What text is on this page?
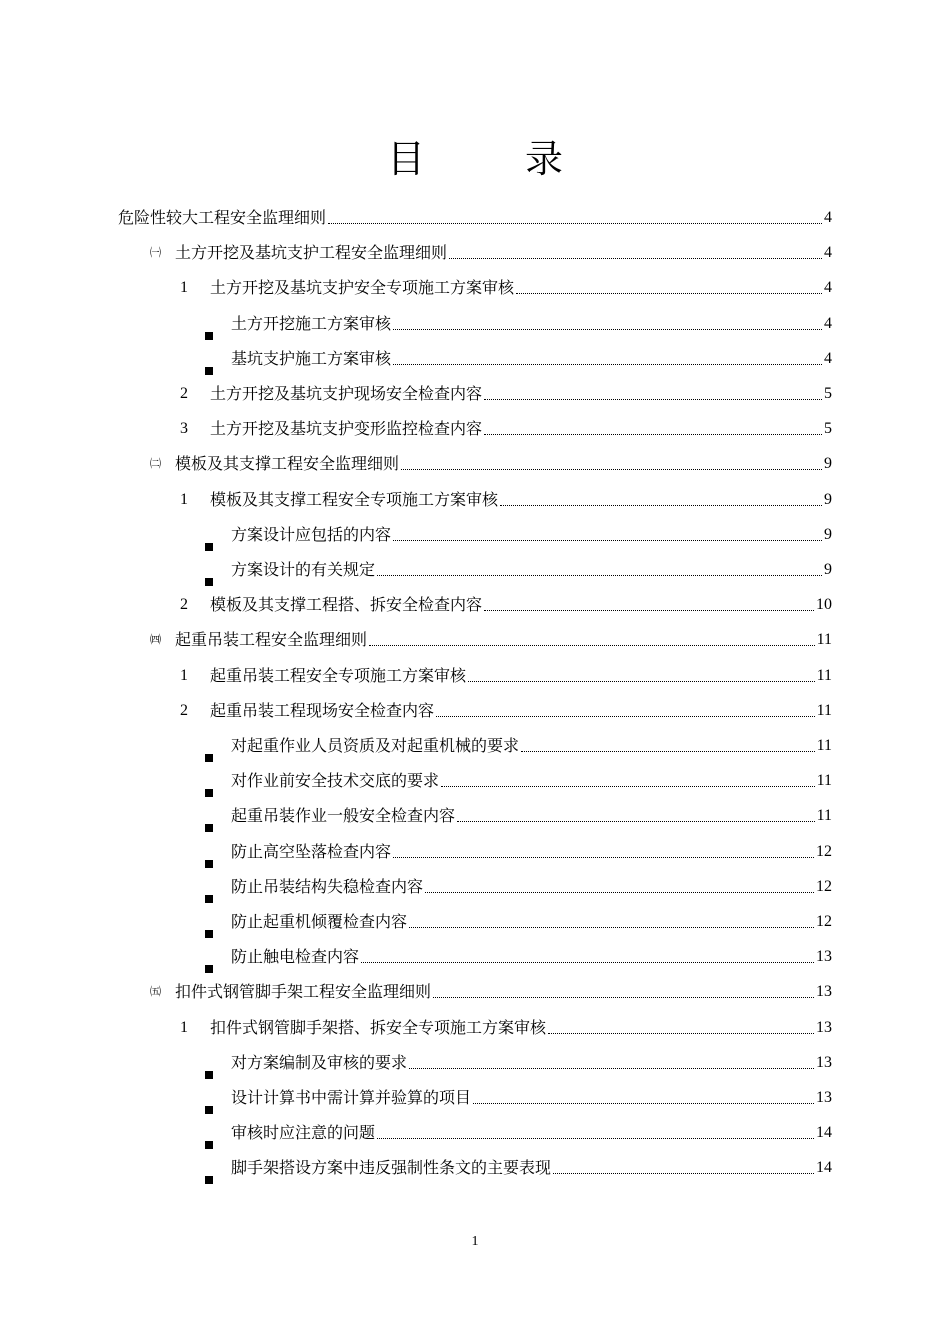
目	录
危险性较大工程安全监理细则	4
㈠ 土方开挖及基坑支护工程安全监理细则	4
1	土方开挖及基坑支护安全专项施工方案审核	4
土方开挖施工方案审核	4
基坑支护施工方案审核	4
2	土方开挖及基坑支护现场安全检查内容	5
3	土方开挖及基坑支护变形监控检查内容	5
㈡ 模板及其支撑工程安全监理细则	9
1	模板及其支撑工程安全专项施工方案审核	9
方案设计应包括的内容	9
方案设计的有关规定	9
2	模板及其支撑工程搭、拆安全检查内容	10
㈣ 起重吊装工程安全监理细则	11
1	起重吊装工程安全专项施工方案审核	11
2	起重吊装工程现场安全检查内容	11
对起重作业人员资质及对起重机械的要求	11
对作业前安全技术交底的要求	11
起重吊装作业一般安全检查内容	11
防止高空坠落检查内容	12
防止吊装结构失稳检查内容	12
防止起重机倾覆检查内容	12
防止触电检查内容	13
㈤ 扣件式钢管脚手架工程安全监理细则	13
1	扣件式钢管脚手架搭、拆安全专项施工方案审核	13
对方案编制及审核的要求	13
设计计算书中需计算并验算的项目	13
审核时应注意的问题	14
脚手架搭设方案中违反强制性条文的主要表现	14
1
